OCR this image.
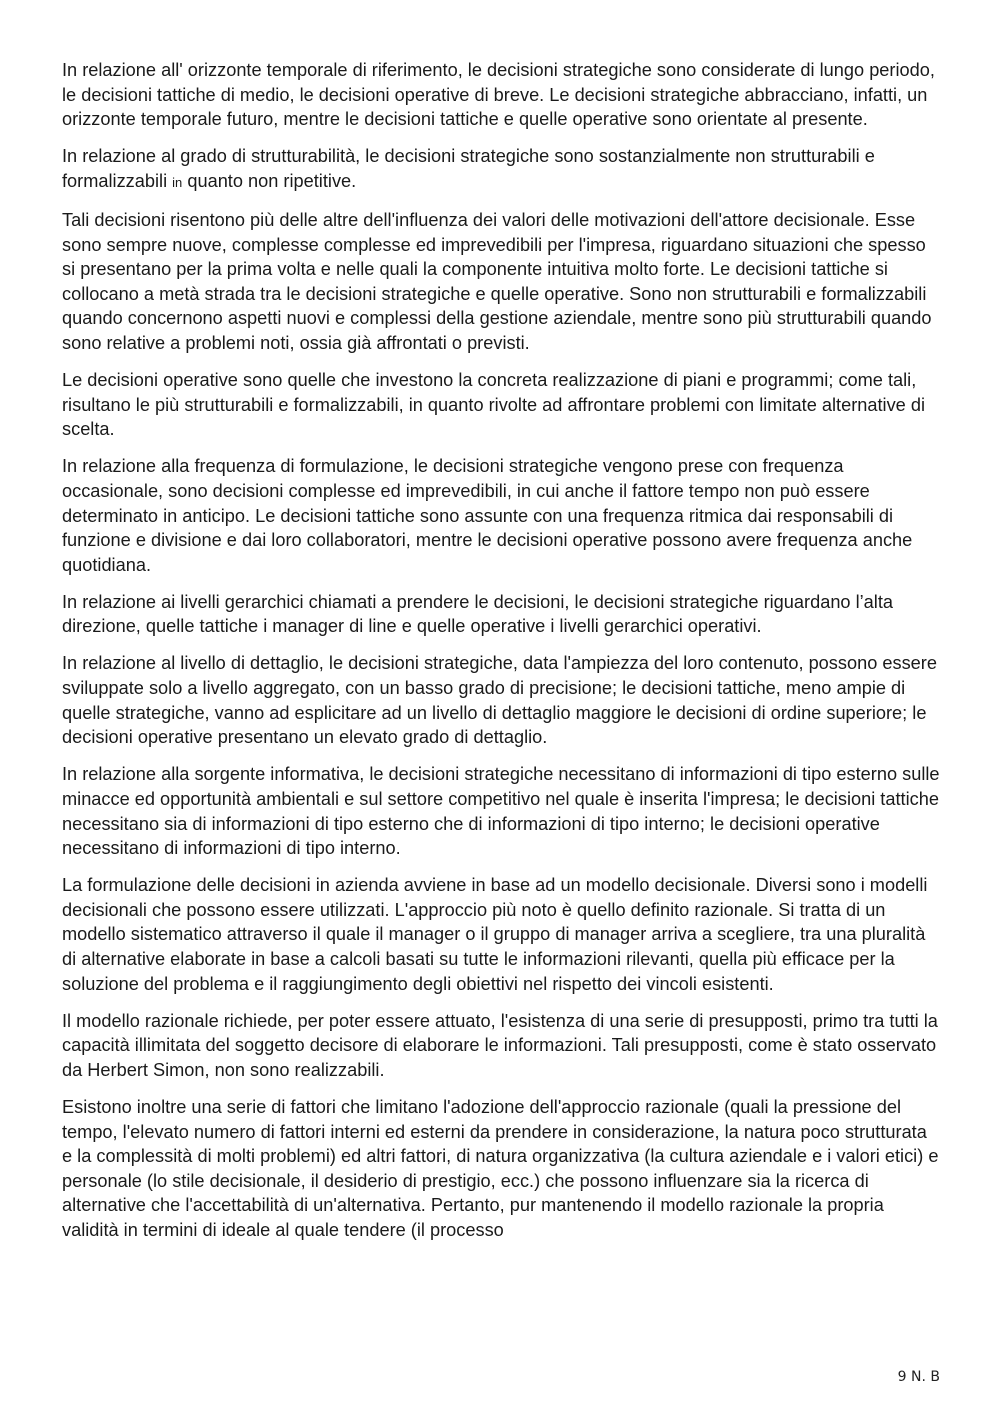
In relazione all' orizzonte temporale di riferimento, le decisioni strategiche sono considerate di lungo periodo, le decisioni tattiche di medio, le decisioni operative di breve. Le decisioni strategiche abbracciano, infatti, un orizzonte temporale futuro, mentre le decisioni tattiche e quelle operative sono orientate al presente.

In relazione al grado di strutturabilità, le decisioni strategiche sono sostanzialmente non strutturabili e formalizzabili in quanto non ripetitive.

Tali decisioni risentono più delle altre dell'influenza dei valori delle motivazioni dell'attore decisionale. Esse sono sempre nuove, complesse complesse ed imprevedibili per l'impresa, riguardano situazioni che spesso si presentano per la prima volta e nelle quali la componente intuitiva molto forte. Le decisioni tattiche si collocano a metà strada tra le decisioni strategiche e quelle operative. Sono non strutturabili e formalizzabili quando concernono aspetti nuovi e complessi della gestione aziendale, mentre sono più strutturabili quando sono relative a problemi noti, ossia già affrontati o previsti.

Le decisioni operative sono quelle che investono la concreta realizzazione di piani e programmi; come tali, risultano le più strutturabili e formalizzabili, in quanto rivolte ad affrontare problemi con limitate alternative di scelta.

In relazione alla frequenza di formulazione, le decisioni strategiche vengono prese con frequenza occasionale, sono decisioni complesse ed imprevedibili, in cui anche il fattore tempo non può essere determinato in anticipo. Le decisioni tattiche sono assunte con una frequenza ritmica dai responsabili di funzione e divisione e dai loro collaboratori, mentre le decisioni operative possono avere frequenza anche quotidiana.

In relazione ai livelli gerarchici chiamati a prendere le decisioni, le decisioni strategiche riguardano l’alta direzione, quelle tattiche i manager di line e quelle operative i livelli gerarchici operativi.

In relazione al livello di dettaglio, le decisioni strategiche, data l'ampiezza del loro contenuto, possono essere sviluppate solo a livello aggregato, con un basso grado di precisione; le decisioni tattiche, meno ampie di quelle strategiche, vanno ad esplicitare ad un livello di dettaglio maggiore le decisioni di ordine superiore; le decisioni operative presentano un elevato grado di dettaglio.

In relazione alla sorgente informativa, le decisioni strategiche necessitano di informazioni di tipo esterno sulle minacce ed opportunità ambientali e sul settore competitivo nel quale è inserita l'impresa; le decisioni tattiche necessitano sia di informazioni di tipo esterno che di informazioni di tipo interno; le decisioni operative necessitano di informazioni di tipo interno.

La formulazione delle decisioni in azienda avviene in base ad un modello decisionale. Diversi sono i modelli decisionali che possono essere utilizzati. L'approccio più noto è quello definito razionale. Si tratta di un modello sistematico attraverso il quale il manager o il gruppo di manager arriva a scegliere, tra una pluralità di alternative elaborate in base a calcoli basati su tutte le informazioni rilevanti, quella più efficace per la soluzione del problema e il raggiungimento degli obiettivi nel rispetto dei vincoli esistenti.

Il modello razionale richiede, per poter essere attuato, l'esistenza di una serie di presupposti, primo tra tutti la capacità illimitata del soggetto decisore di elaborare le informazioni. Tali presupposti, come è stato osservato da Herbert Simon, non sono realizzabili.

Esistono inoltre una serie di fattori che limitano l'adozione dell'approccio razionale (quali la pressione del tempo, l'elevato numero di fattori interni ed esterni da prendere in considerazione, la natura poco strutturata e la complessità di molti problemi) ed altri fattori, di natura organizzativa (la cultura aziendale e i valori etici) e personale (lo stile decisionale, il desiderio di prestigio, ecc.) che possono influenzare sia la ricerca di alternative che l'accettabilità di un'alternativa. Pertanto, pur mantenendo il modello razionale la propria validità in termini di ideale al quale tendere (il processo

9 N. B
